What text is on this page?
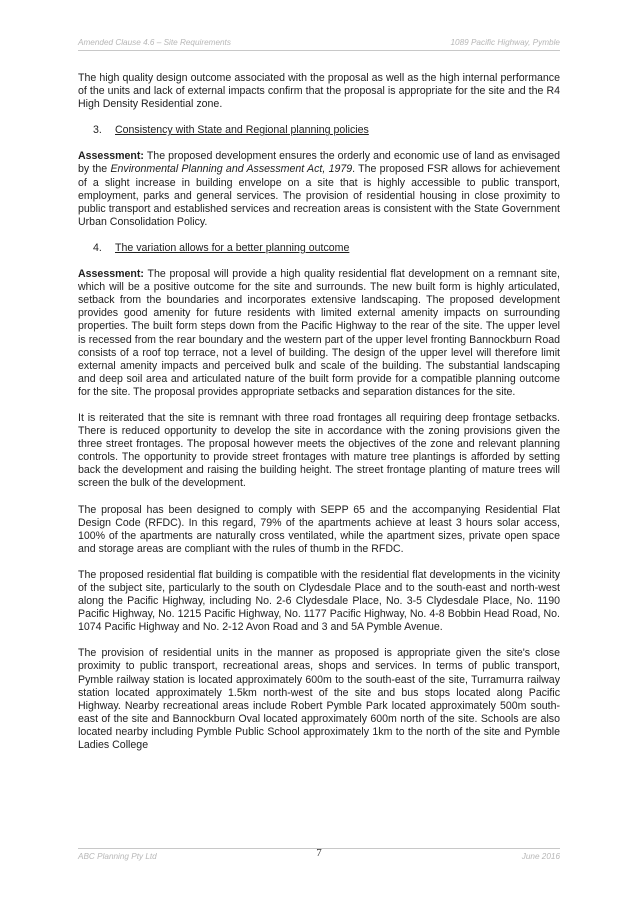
Amended Clause 4.6 – Site Requirements	1089 Pacific Highway, Pymble

The high quality design outcome associated with the proposal as well as the high internal performance of the units and lack of external impacts confirm that the proposal is appropriate for the site and the R4 High Density Residential zone.

3. Consistency with State and Regional planning policies

Assessment: The proposed development ensures the orderly and economic use of land as envisaged by the Environmental Planning and Assessment Act, 1979. The proposed FSR allows for achievement of a slight increase in building envelope on a site that is highly accessible to public transport, employment, parks and general services. The provision of residential housing in close proximity to public transport and established services and recreation areas is consistent with the State Government Urban Consolidation Policy.

4. The variation allows for a better planning outcome

Assessment: The proposal will provide a high quality residential flat development on a remnant site, which will be a positive outcome for the site and surrounds. The new built form is highly articulated, setback from the boundaries and incorporates extensive landscaping. The proposed development provides good amenity for future residents with limited external amenity impacts on surrounding properties. The built form steps down from the Pacific Highway to the rear of the site. The upper level is recessed from the rear boundary and the western part of the upper level fronting Bannockburn Road consists of a roof top terrace, not a level of building. The design of the upper level will therefore limit external amenity impacts and perceived bulk and scale of the building. The substantial landscaping and deep soil area and articulated nature of the built form provide for a compatible planning outcome for the site. The proposal provides appropriate setbacks and separation distances for the site.

It is reiterated that the site is remnant with three road frontages all requiring deep frontage setbacks. There is reduced opportunity to develop the site in accordance with the zoning provisions given the three street frontages. The proposal however meets the objectives of the zone and relevant planning controls. The opportunity to provide street frontages with mature tree plantings is afforded by setting back the development and raising the building height. The street frontage planting of mature trees will screen the bulk of the development.

The proposal has been designed to comply with SEPP 65 and the accompanying Residential Flat Design Code (RFDC). In this regard, 79% of the apartments achieve at least 3 hours solar access, 100% of the apartments are naturally cross ventilated, while the apartment sizes, private open space and storage areas are compliant with the rules of thumb in the RFDC.

The proposed residential flat building is compatible with the residential flat developments in the vicinity of the subject site, particularly to the south on Clydesdale Place and to the south-east and north-west along the Pacific Highway, including No. 2-6 Clydesdale Place, No. 3-5 Clydesdale Place, No. 1190 Pacific Highway, No. 1215 Pacific Highway, No. 1177 Pacific Highway, No. 4-8 Bobbin Head Road, No. 1074 Pacific Highway and No. 2-12 Avon Road and 3 and 5A Pymble Avenue.

The provision of residential units in the manner as proposed is appropriate given the site's close proximity to public transport, recreational areas, shops and services. In terms of public transport, Pymble railway station is located approximately 600m to the south-east of the site, Turramurra railway station located approximately 1.5km north-west of the site and bus stops located along Pacific Highway. Nearby recreational areas include Robert Pymble Park located approximately 500m south-east of the site and Bannockburn Oval located approximately 600m north of the site. Schools are also located nearby including Pymble Public School approximately 1km to the north of the site and Pymble Ladies College

ABC Planning Pty Ltd	7	June 2016
